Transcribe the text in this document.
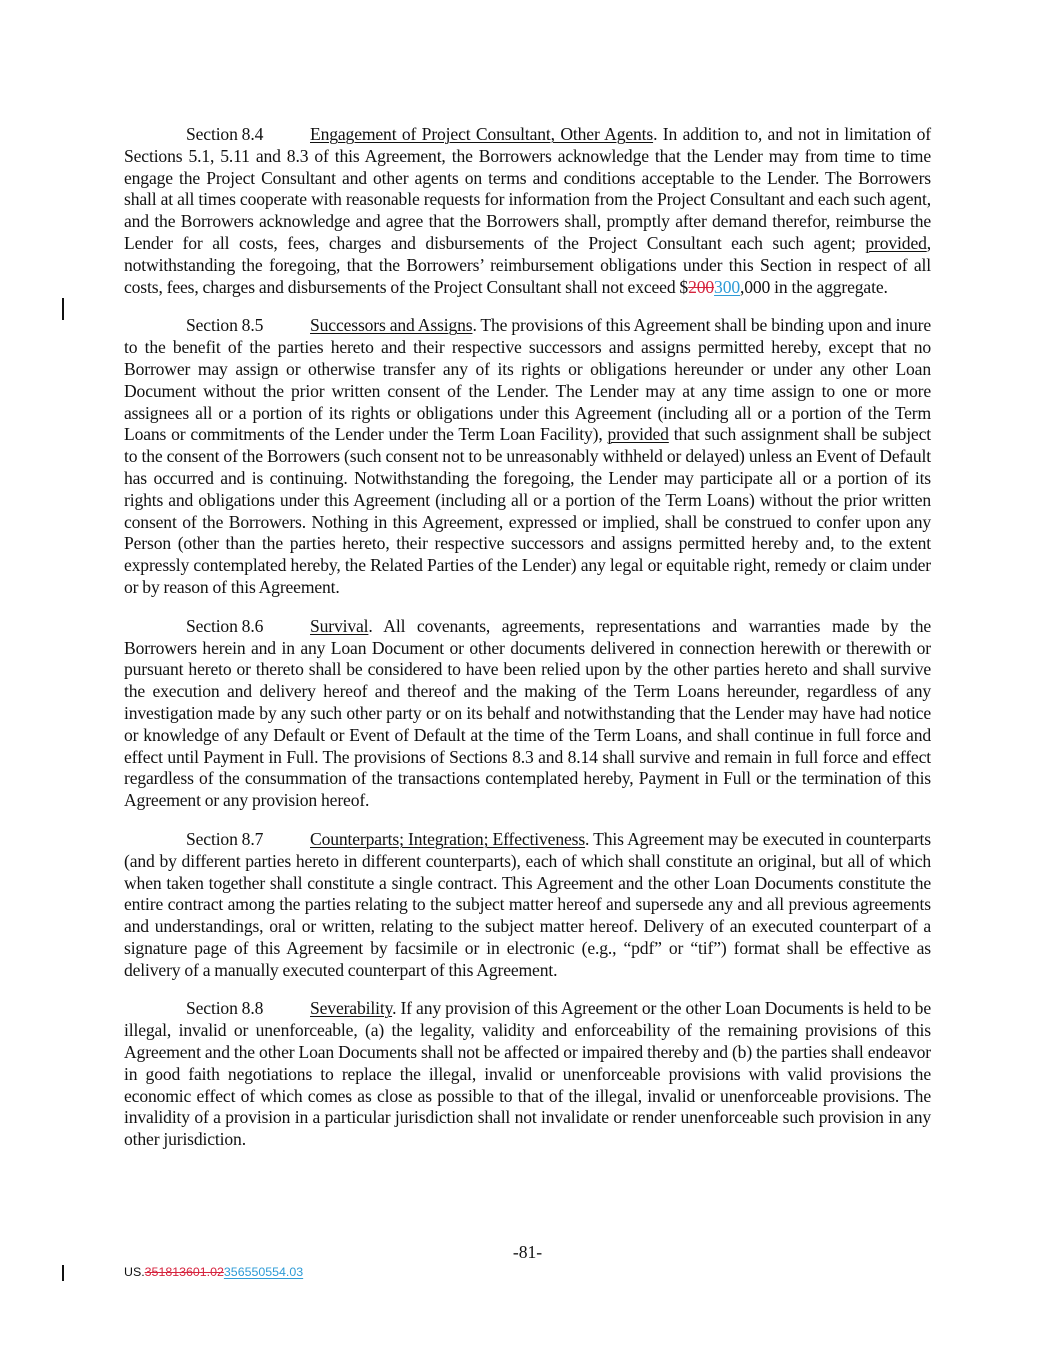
Section 8.4	Engagement of Project Consultant, Other Agents. In addition to, and not in limitation of Sections 5.1, 5.11 and 8.3 of this Agreement, the Borrowers acknowledge that the Lender may from time to time engage the Project Consultant and other agents on terms and conditions acceptable to the Lender. The Borrowers shall at all times cooperate with reasonable requests for information from the Project Consultant and each such agent, and the Borrowers acknowledge and agree that the Borrowers shall, promptly after demand therefor, reimburse the Lender for all costs, fees, charges and disbursements of the Project Consultant each such agent; provided, notwithstanding the foregoing, that the Borrowers’ reimbursement obligations under this Section in respect of all costs, fees, charges and disbursements of the Project Consultant shall not exceed $200300,000 in the aggregate.

Section 8.5	Successors and Assigns. The provisions of this Agreement shall be binding upon and inure to the benefit of the parties hereto and their respective successors and assigns permitted hereby, except that no Borrower may assign or otherwise transfer any of its rights or obligations hereunder or under any other Loan Document without the prior written consent of the Lender. The Lender may at any time assign to one or more assignees all or a portion of its rights or obligations under this Agreement (including all or a portion of the Term Loans or commitments of the Lender under the Term Loan Facility), provided that such assignment shall be subject to the consent of the Borrowers (such consent not to be unreasonably withheld or delayed) unless an Event of Default has occurred and is continuing. Notwithstanding the foregoing, the Lender may participate all or a portion of its rights and obligations under this Agreement (including all or a portion of the Term Loans) without the prior written consent of the Borrowers. Nothing in this Agreement, expressed or implied, shall be construed to confer upon any Person (other than the parties hereto, their respective successors and assigns permitted hereby and, to the extent expressly contemplated hereby, the Related Parties of the Lender) any legal or equitable right, remedy or claim under or by reason of this Agreement.

Section 8.6	Survival. All covenants, agreements, representations and warranties made by the Borrowers herein and in any Loan Document or other documents delivered in connection herewith or therewith or pursuant hereto or thereto shall be considered to have been relied upon by the other parties hereto and shall survive the execution and delivery hereof and thereof and the making of the Term Loans hereunder, regardless of any investigation made by any such other party or on its behalf and notwithstanding that the Lender may have had notice or knowledge of any Default or Event of Default at the time of the Term Loans, and shall continue in full force and effect until Payment in Full. The provisions of Sections 8.3 and 8.14 shall survive and remain in full force and effect regardless of the consummation of the transactions contemplated hereby, Payment in Full or the termination of this Agreement or any provision hereof.

Section 8.7	Counterparts; Integration; Effectiveness. This Agreement may be executed in counterparts (and by different parties hereto in different counterparts), each of which shall constitute an original, but all of which when taken together shall constitute a single contract. This Agreement and the other Loan Documents constitute the entire contract among the parties relating to the subject matter hereof and supersede any and all previous agreements and understandings, oral or written, relating to the subject matter hereof. Delivery of an executed counterpart of a signature page of this Agreement by facsimile or in electronic (e.g., “pdf” or “tif”) format shall be effective as delivery of a manually executed counterpart of this Agreement.

Section 8.8	Severability. If any provision of this Agreement or the other Loan Documents is held to be illegal, invalid or unenforceable, (a) the legality, validity and enforceability of the remaining provisions of this Agreement and the other Loan Documents shall not be affected or impaired thereby and (b) the parties shall endeavor in good faith negotiations to replace the illegal, invalid or unenforceable provisions with valid provisions the economic effect of which comes as close as possible to that of the illegal, invalid or unenforceable provisions. The invalidity of a provision in a particular jurisdiction shall not invalidate or render unenforceable such provision in any other jurisdiction.

-81-
US.351813601.02356550554.03
